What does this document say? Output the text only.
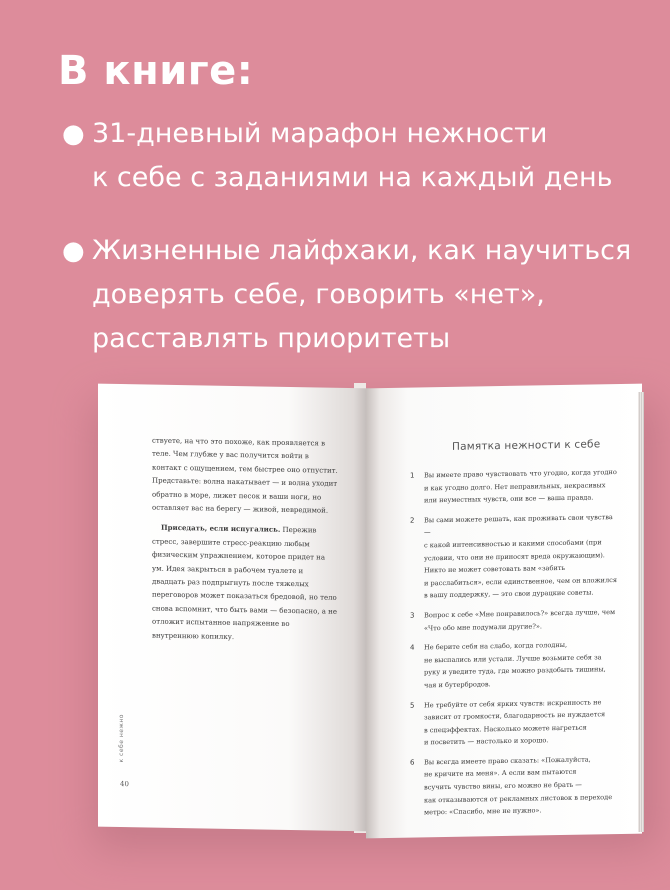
В книге:
● 31-дневный марафон нежности
к себе с заданиями на каждый день
● Жизненные лайфхаки, как научиться
доверять себе, говорить «нет»,
расставлять приоритеты

ствуете, на что это похоже, как проявляется в теле. Чем глубже у вас получится войти в контакт с ощущением, тем быстрее оно отпустит. Представьте: волна накатывает — и волна уходит обратно в море, лижет песок и ваши ноги, но оставляет вас на берегу — живой, невредимой.

Приседать, если испугались. Пережив стресс, завершите стресс-реакцию любым физическим упражнением, которое придет на ум. Идея закрыться в рабочем туалете и двадцать раз подпрыгнуть после тяжелых переговоров может показаться бредовой, но тело снова вспомнит, что быть вами — безопасно, а не отложит испытанное напряжение во внутреннюю копилку.

к себе нежно
40
Памятка нежности к себе
1 Вы имеете право чувствовать что угодно, когда угодно
и как угодно долго. Нет неправильных, некрасивых
или неуместных чувств, они все — ваша правда.
2 Вы сами можете решать, как проживать свои чувства —
с какой интенсивностью и какими способами (при
условии, что они не приносят вреда окружающим).
Никто не может советовать вам «забить
и расслабиться», если единственное, чем он вложился
в вашу поддержку, — это свои дурацкие советы.
3 Вопрос к себе «Мне понравилось?» всегда лучше, чем
«Что обо мне подумали другие?».
4 Не берите себя на слабо, когда голодны,
не выспались или устали. Лучше возьмите себя за
руку и уведите туда, где можно раздобыть тишины,
чая и бутербродов.
5 Не требуйте от себя ярких чувств: искренность не
зависит от громкости, благодарность не нуждается
в спецэффектах. Насколько можете нагреться
и посветить — настолько и хорошо.
6 Вы всегда имеете право сказать: «Пожалуйста,
не кричите на меня». А если вам пытаются
всучить чувство вины, его можно не брать —
как отказываются от рекламных листовок в переходе
метро: «Спасибо, мне не нужно».
